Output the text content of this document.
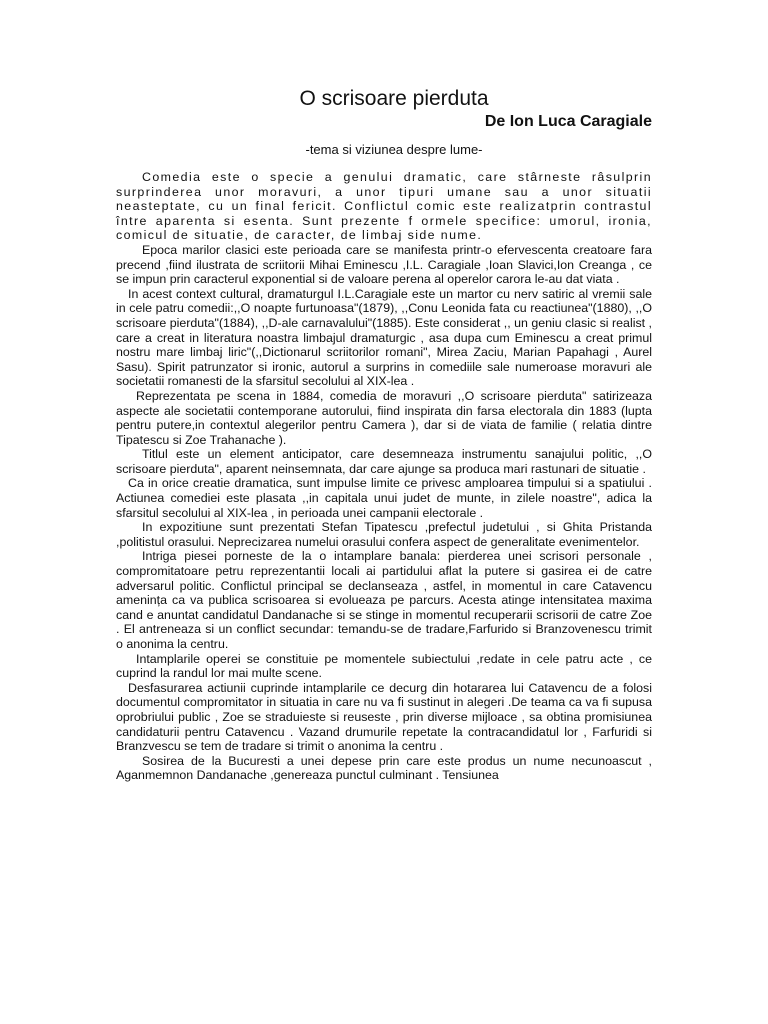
O scrisoare pierduta
De Ion Luca Caragiale
-tema si viziunea despre lume-

Comedia este o specie a genului dramatic, care stârneste râsulprin surprinderea unor moravuri, a unor tipuri umane sau a unor situatii neasteptate, cu un final fericit. Conflictul comic este realizatprin contrastul între aparenta si esenta. Sunt prezente f ormele specifice: umorul, ironia, comicul de situatie, de caracter, de limbaj side nume.

Epoca marilor clasici este perioada care se manifesta printr-o efervescenta creatoare fara precend ,fiind ilustrata de scriitorii Mihai Eminescu ,I.L. Caragiale ,Ioan Slavici,Ion Creanga , ce se impun prin caracterul exponential si de valoare perena al operelor carora le-au dat viata .

In acest context cultural, dramaturgul I.L.Caragiale este un martor cu nerv satiric al vremii sale in cele patru comedii:,,O noapte furtunoasa"(1879), ,,Conu Leonida fata cu reactiunea"(1880), ,,O scrisoare pierduta"(1884), ,,D-ale carnavalului"(1885). Este considerat ,, un geniu clasic si realist , care a creat in literatura noastra limbajul dramaturgic , asa dupa cum Eminescu a creat primul nostru mare limbaj liric"(,,Dictionarul scriitorilor romani", Mirea Zaciu, Marian Papahagi , Aurel Sasu). Spirit patrunzator si ironic, autorul a surprins in comediile sale numeroase moravuri ale societatii romanesti de la sfarsitul secolului al XIX-lea .

Reprezentata pe scena in 1884, comedia de moravuri ,,O scrisoare pierduta" satirizeaza aspecte ale societatii contemporane autorului, fiind inspirata din farsa electorala din 1883 (lupta pentru putere,in contextul alegerilor pentru Camera ), dar si de viata de familie ( relatia dintre Tipatescu si Zoe Trahanache ).

Titlul este un element anticipator, care desemneaza instrumentu sanajului politic, ,,O scrisoare pierduta", aparent neinsemnata, dar care ajunge sa produca mari rastunari de situatie .

Ca in orice creatie dramatica, sunt impulse limite ce privesc amploarea timpului si a spatiului . Actiunea comediei este plasata ,,in capitala unui judet de munte, in zilele noastre", adica la sfarsitul secolului al XIX-lea , in perioada unei campanii electorale .

In expozitiune sunt prezentati Stefan Tipatescu ,prefectul judetului , si Ghita Pristanda ,politistul orasului. Neprecizarea numelui orasului confera aspect de generalitate evenimentelor.

Intriga piesei porneste de la o intamplare banala: pierderea unei scrisori personale , compromitatoare petru reprezentantii locali ai partidului aflat la putere si gasirea ei de catre adversarul politic. Conflictul principal se declanseaza , astfel, in momentul in care Catavencu amenința ca va publica scrisoarea si evolueaza pe parcurs. Acesta atinge intensitatea maxima cand e anuntat candidatul Dandanache si se stinge in momentul recuperarii scrisorii de catre Zoe . El antreneaza si un conflict secundar: temandu-se de tradare,Farfurido si Branzovenescu trimit o anonima la centru.

Intamplarile operei se constituie pe momentele subiectului ,redate in cele patru acte , ce cuprind la randul lor mai multe scene.

Desfasurarea actiunii cuprinde intamplarile ce decurg din hotararea lui Catavencu de a folosi documentul compromitator in situatia in care nu va fi sustinut in alegeri .De teama ca va fi supusa oprobriului public , Zoe se straduieste si reuseste , prin diverse mijloace , sa obtina promisiunea candidaturii pentru Catavencu . Vazand drumurile repetate la contracandidatul lor , Farfuridi si Branzvescu se tem de tradare si trimit o anonima la centru .

Sosirea de la Bucuresti a unei depese prin care este produs un nume necunoascut , Aganmemnon Dandanache ,genereaza punctul culminant . Tensiunea
